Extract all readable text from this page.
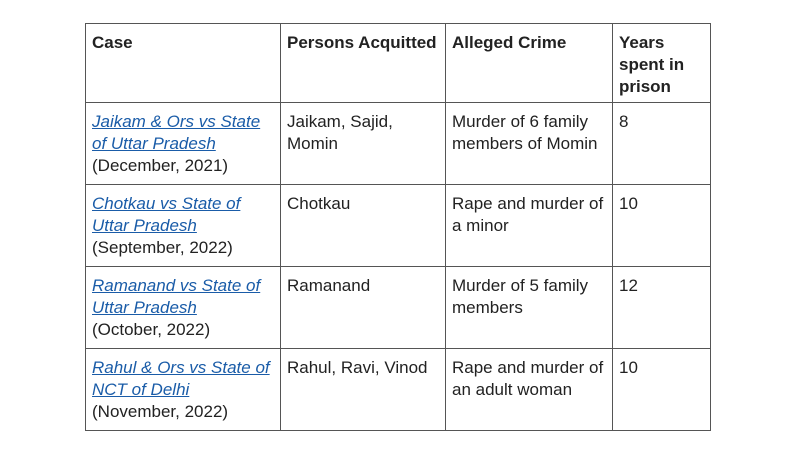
Case	Persons Acquitted	Alleged Crime	Years spent in prison

Jaikam & Ors vs State of Uttar Pradesh
(December, 2021)	Jaikam, Sajid, Momin	Murder of 6 family members of Momin	8

Chotkau vs State of Uttar Pradesh
(September, 2022)	Chotkau	Rape and murder of a minor	10

Ramanand vs State of Uttar Pradesh
(October, 2022)	Ramanand	Murder of 5 family members	12

Rahul & Ors vs State of NCT of Delhi
(November, 2022)	Rahul, Ravi, Vinod	Rape and murder of an adult woman	10
